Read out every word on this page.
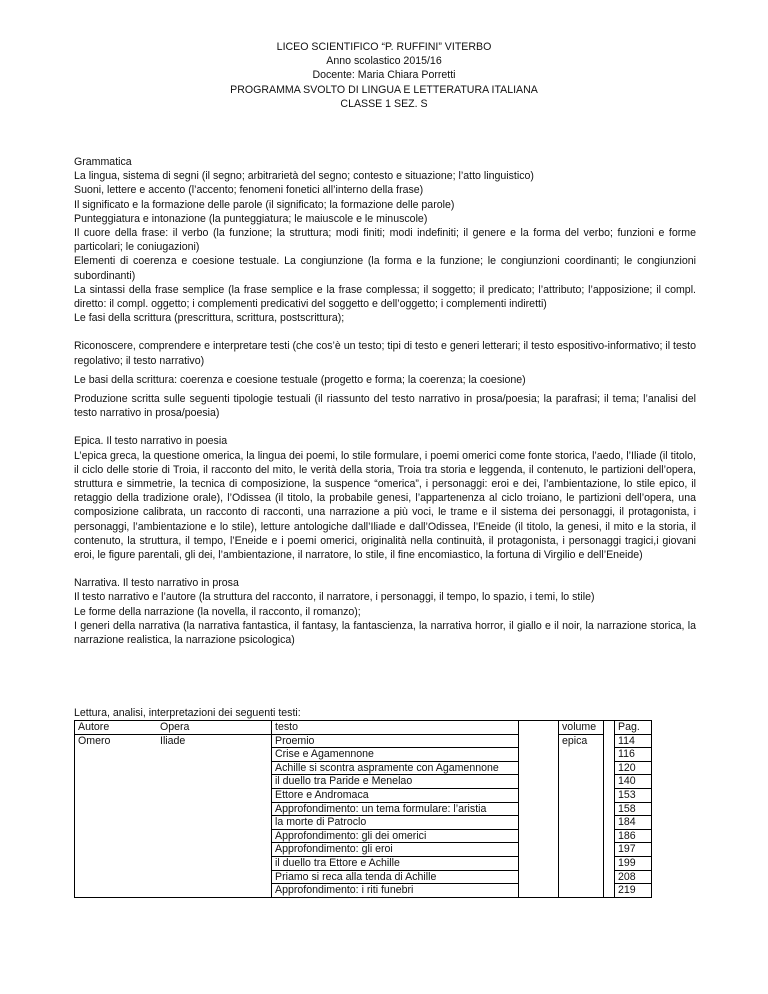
LICEO SCIENTIFICO “P. RUFFINI” VITERBO
Anno scolastico 2015/16
Docente: Maria Chiara Porretti
PROGRAMMA SVOLTO DI LINGUA E LETTERATURA ITALIANA
CLASSE 1 SEZ. S

Grammatica

La lingua, sistema di segni (il segno; arbitrarietà del segno; contesto e situazione; l’atto linguistico)

Suoni, lettere e accento (l’accento; fenomeni fonetici all’interno della frase)

Il significato e la formazione delle parole (il significato; la formazione delle parole)

Punteggiatura e intonazione (la punteggiatura; le maiuscole e le minuscole)

Il cuore della frase: il verbo (la funzione; la struttura; modi finiti; modi indefiniti; il genere e la forma del verbo; funzioni e forme particolari; le coniugazioni)

Elementi di coerenza e coesione testuale. La congiunzione (la forma e la funzione; le congiunzioni coordinanti; le congiunzioni subordinanti)

La sintassi della frase semplice (la frase semplice e la frase complessa; il soggetto; il predicato; l’attributo; l’apposizione; il compl. diretto: il compl. oggetto; i complementi predicativi del soggetto e dell’oggetto; i complementi indiretti)

Le fasi della scrittura (prescrittura, scrittura, postscrittura);

Riconoscere, comprendere e interpretare testi (che cos’è un testo; tipi di testo e generi letterari; il testo espositivo-informativo; il testo regolativo; il testo narrativo)

Le basi della scrittura: coerenza e coesione testuale (progetto e forma; la coerenza; la coesione)

Produzione scritta sulle seguenti tipologie testuali (il riassunto del testo narrativo in prosa/poesia; la parafrasi; il tema; l’analisi del testo narrativo in prosa/poesia)

Epica. Il testo narrativo in poesia

L’epica greca, la questione omerica, la lingua dei poemi, lo stile formulare, i poemi omerici come fonte storica, l’aedo, l’Iliade (il titolo, il ciclo delle storie di Troia, il racconto del mito, le verità della storia, Troia tra storia e leggenda, il contenuto, le partizioni dell’opera, struttura e simmetrie, la tecnica di composizione, la suspence “omerica”, i personaggi: eroi e dei, l’ambientazione, lo stile epico, il retaggio della tradizione orale), l’Odissea (il titolo, la probabile genesi, l’appartenenza al ciclo troiano, le partizioni dell’opera, una composizione calibrata, un racconto di racconti, una narrazione a più voci, le trame e il sistema dei personaggi, il protagonista, i personaggi, l’ambientazione e lo stile), letture antologiche dall’Iliade e dall’Odissea, l’Eneide (il titolo, la genesi, il mito e la storia, il contenuto, la struttura, il tempo, l’Eneide e i poemi omerici, originalità nella continuità, il protagonista, i personaggi tragici,i giovani eroi, le figure parentali, gli dei, l’ambientazione, il narratore, lo stile, il fine encomiastico, la fortuna di Virgilio e dell’Eneide)

Narrativa. Il testo narrativo in prosa

Il testo narrativo e l’autore (la struttura del racconto, il narratore, i personaggi, il tempo, lo spazio, i temi, lo stile)

Le forme della narrazione (la novella, il racconto, il romanzo);

I generi della narrativa (la narrativa fantastica, il fantasy, la fantascienza, la narrativa horror, il giallo e il noir, la narrazione storica, la narrazione realistica, la narrazione psicologica)

Lettura, analisi, interpretazioni dei seguenti testi:
Autore	Opera	testo		volume		Pag.
Omero	Iliade	Proemio		epica		114
		Crise e Agamennone				116
		Achille si scontra aspramente con Agamennone				120
		il duello tra Paride e Menelao				140
		Ettore e Andromaca				153
		Approfondimento: un tema formulare: l’aristia				158
		la morte di Patroclo				184
		Approfondimento: gli dei omerici				186
		Approfondimento: gli eroi				197
		il duello tra Ettore e Achille				199
		Priamo si reca alla tenda di Achille				208
		Approfondimento: i riti funebri				219
